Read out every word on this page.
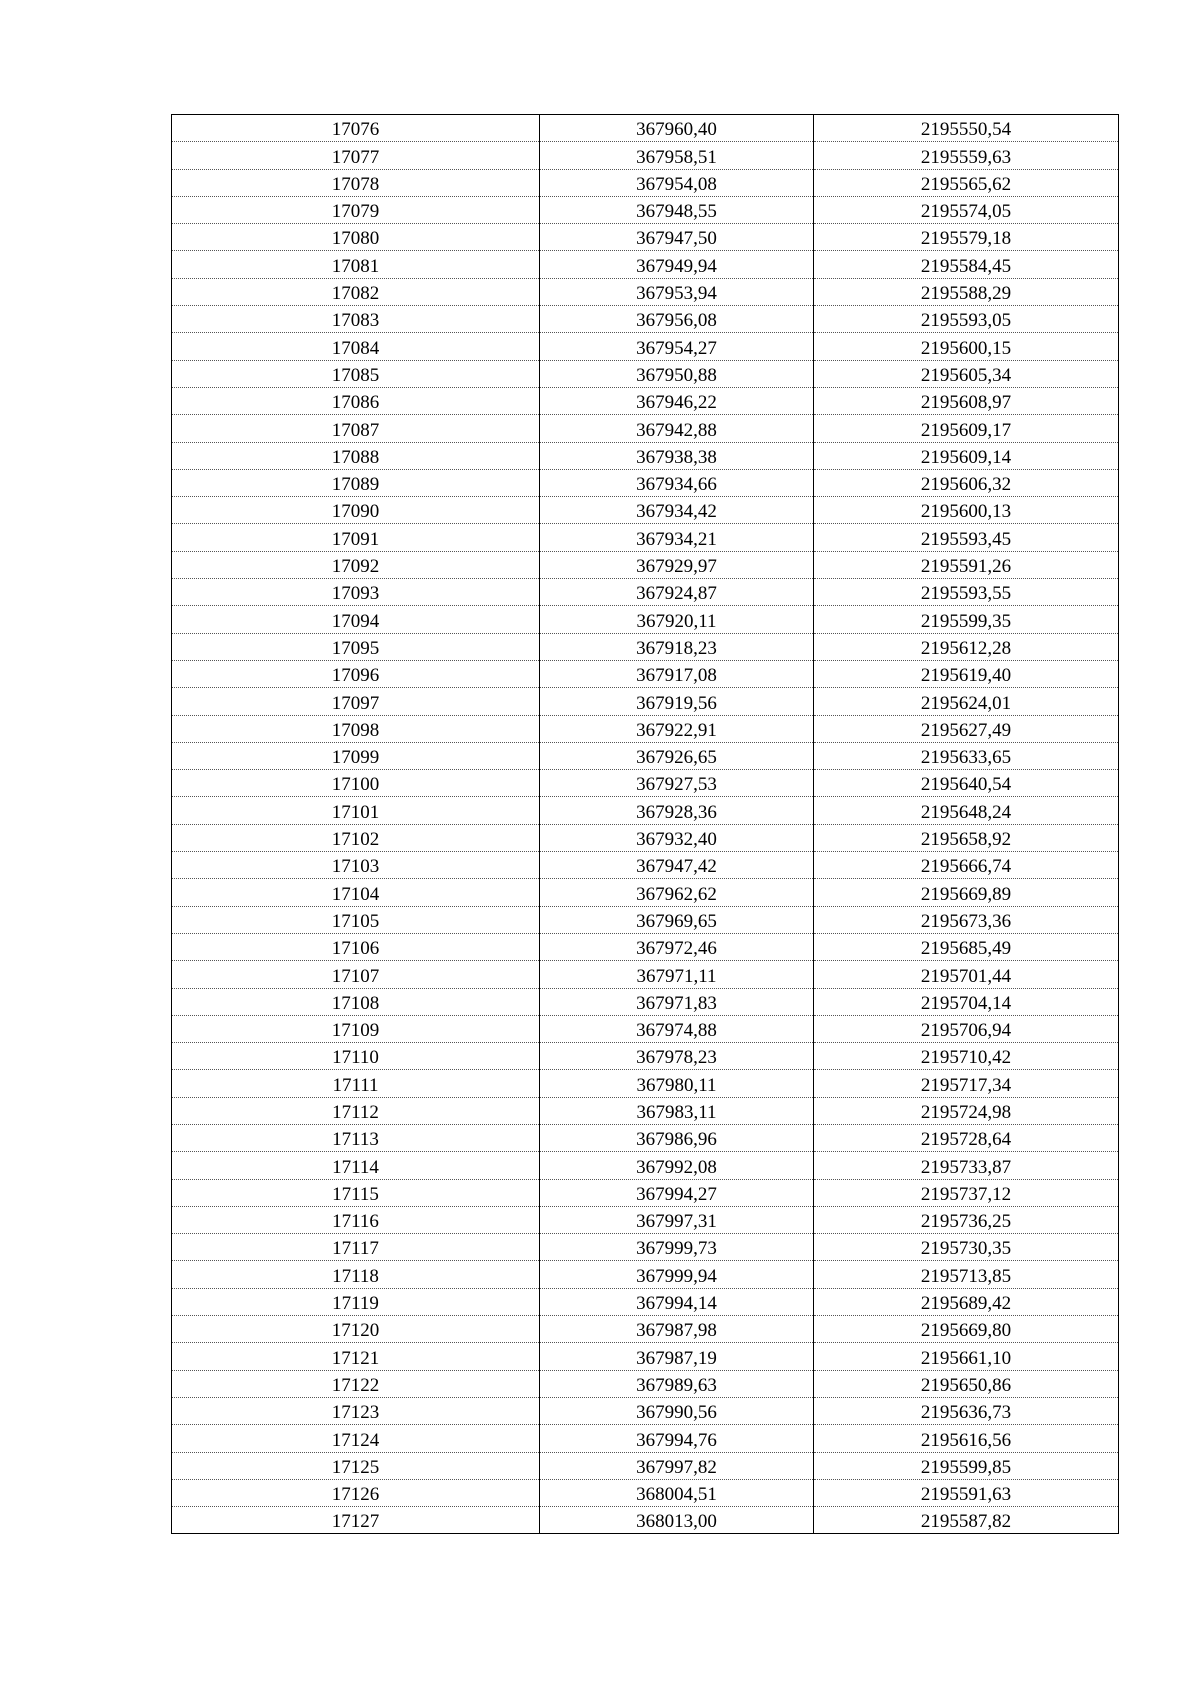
17076	367960,40	2195550,54
17077	367958,51	2195559,63
17078	367954,08	2195565,62
17079	367948,55	2195574,05
17080	367947,50	2195579,18
17081	367949,94	2195584,45
17082	367953,94	2195588,29
17083	367956,08	2195593,05
17084	367954,27	2195600,15
17085	367950,88	2195605,34
17086	367946,22	2195608,97
17087	367942,88	2195609,17
17088	367938,38	2195609,14
17089	367934,66	2195606,32
17090	367934,42	2195600,13
17091	367934,21	2195593,45
17092	367929,97	2195591,26
17093	367924,87	2195593,55
17094	367920,11	2195599,35
17095	367918,23	2195612,28
17096	367917,08	2195619,40
17097	367919,56	2195624,01
17098	367922,91	2195627,49
17099	367926,65	2195633,65
17100	367927,53	2195640,54
17101	367928,36	2195648,24
17102	367932,40	2195658,92
17103	367947,42	2195666,74
17104	367962,62	2195669,89
17105	367969,65	2195673,36
17106	367972,46	2195685,49
17107	367971,11	2195701,44
17108	367971,83	2195704,14
17109	367974,88	2195706,94
17110	367978,23	2195710,42
17111	367980,11	2195717,34
17112	367983,11	2195724,98
17113	367986,96	2195728,64
17114	367992,08	2195733,87
17115	367994,27	2195737,12
17116	367997,31	2195736,25
17117	367999,73	2195730,35
17118	367999,94	2195713,85
17119	367994,14	2195689,42
17120	367987,98	2195669,80
17121	367987,19	2195661,10
17122	367989,63	2195650,86
17123	367990,56	2195636,73
17124	367994,76	2195616,56
17125	367997,82	2195599,85
17126	368004,51	2195591,63
17127	368013,00	2195587,82
